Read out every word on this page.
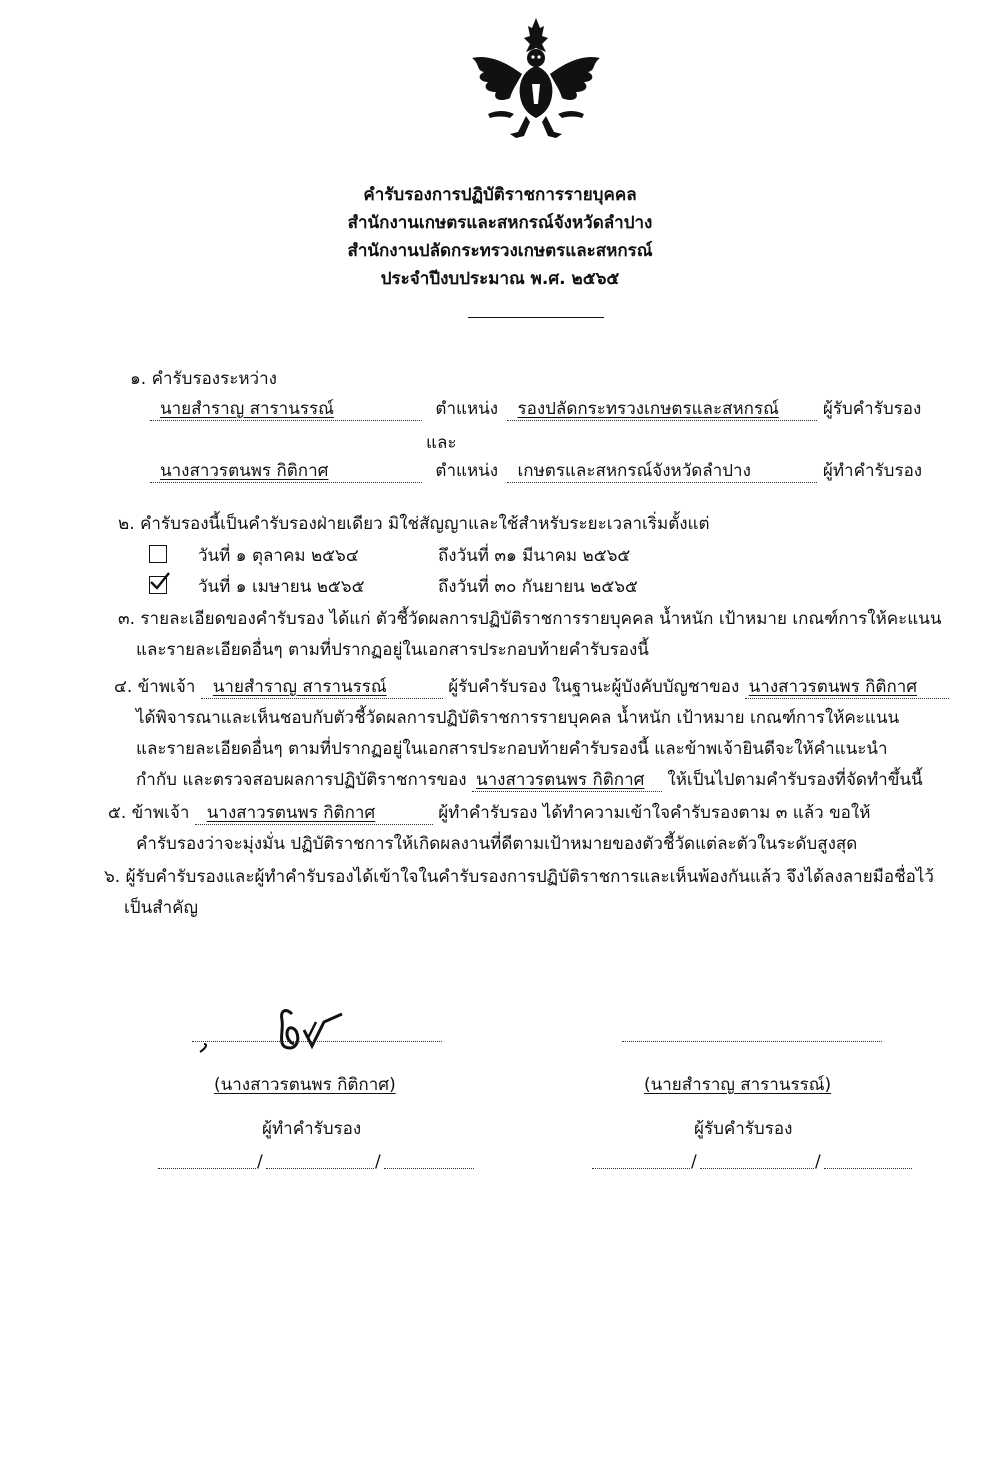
คำรับรองการปฏิบัติราชการรายบุคคล
สำนักงานเกษตรและสหกรณ์จังหวัดลำปาง
สำนักงานปลัดกระทรวงเกษตรและสหกรณ์
ประจำปีงบประมาณ พ.ศ. ๒๕๖๕
๑. คำรับรองระหว่าง
นายสำราญ สารานรรณ์	ตำแหน่ง รองปลัดกระทรวงเกษตรและสหกรณ์	ผู้รับคำรับรอง
และ
นางสาวรตนพร กิติกาศ	ตำแหน่ง เกษตรและสหกรณ์จังหวัดลำปาง	ผู้ทำคำรับรอง
๒. คำรับรองนี้เป็นคำรับรองฝ่ายเดียว มิใช่สัญญาและใช้สำหรับระยะเวลาเริ่มตั้งแต่
วันที่ ๑ ตุลาคม ๒๕๖๔	ถึงวันที่ ๓๑ มีนาคม ๒๕๖๕
วันที่ ๑ เมษายน ๒๕๖๕	ถึงวันที่ ๓๐ กันยายน ๒๕๖๕
๓. รายละเอียดของคำรับรอง ได้แก่ ตัวชี้วัดผลการปฏิบัติราชการรายบุคคล น้ำหนัก เป้าหมาย เกณฑ์การให้คะแนน
และรายละเอียดอื่นๆ ตามที่ปรากฏอยู่ในเอกสารประกอบท้ายคำรับรองนี้
๔. ข้าพเจ้า นายสำราญ สารานรรณ์	ผู้รับคำรับรอง ในฐานะผู้บังคับบัญชาของ นางสาวรตนพร กิติกาศ
ได้พิจารณาและเห็นชอบกับตัวชี้วัดผลการปฏิบัติราชการรายบุคคล น้ำหนัก เป้าหมาย เกณฑ์การให้คะแนน
และรายละเอียดอื่นๆ ตามที่ปรากฏอยู่ในเอกสารประกอบท้ายคำรับรองนี้ และข้าพเจ้ายินดีจะให้คำแนะนำ
กำกับ และตรวจสอบผลการปฏิบัติราชการของ นางสาวรตนพร กิติกาศ ให้เป็นไปตามคำรับรองที่จัดทำขึ้นนี้
๕. ข้าพเจ้า นางสาวรตนพร กิติกาศ	ผู้ทำคำรับรอง ได้ทำความเข้าใจคำรับรองตาม ๓ แล้ว ขอให้
คำรับรองว่าจะมุ่งมั่น ปฏิบัติราชการให้เกิดผลงานที่ดีตามเป้าหมายของตัวชี้วัดแต่ละตัวในระดับสูงสุด
๖. ผู้รับคำรับรองและผู้ทำคำรับรองได้เข้าใจในคำรับรองการปฏิบัติราชการและเห็นพ้องกันแล้ว จึงได้ลงลายมือชื่อไว้
เป็นสำคัญ
(นางสาวรตนพร กิติกาศ)	(นายสำราญ สารานรรณ์)
ผู้ทำคำรับรอง	ผู้รับคำรับรอง
/	/	/	/
